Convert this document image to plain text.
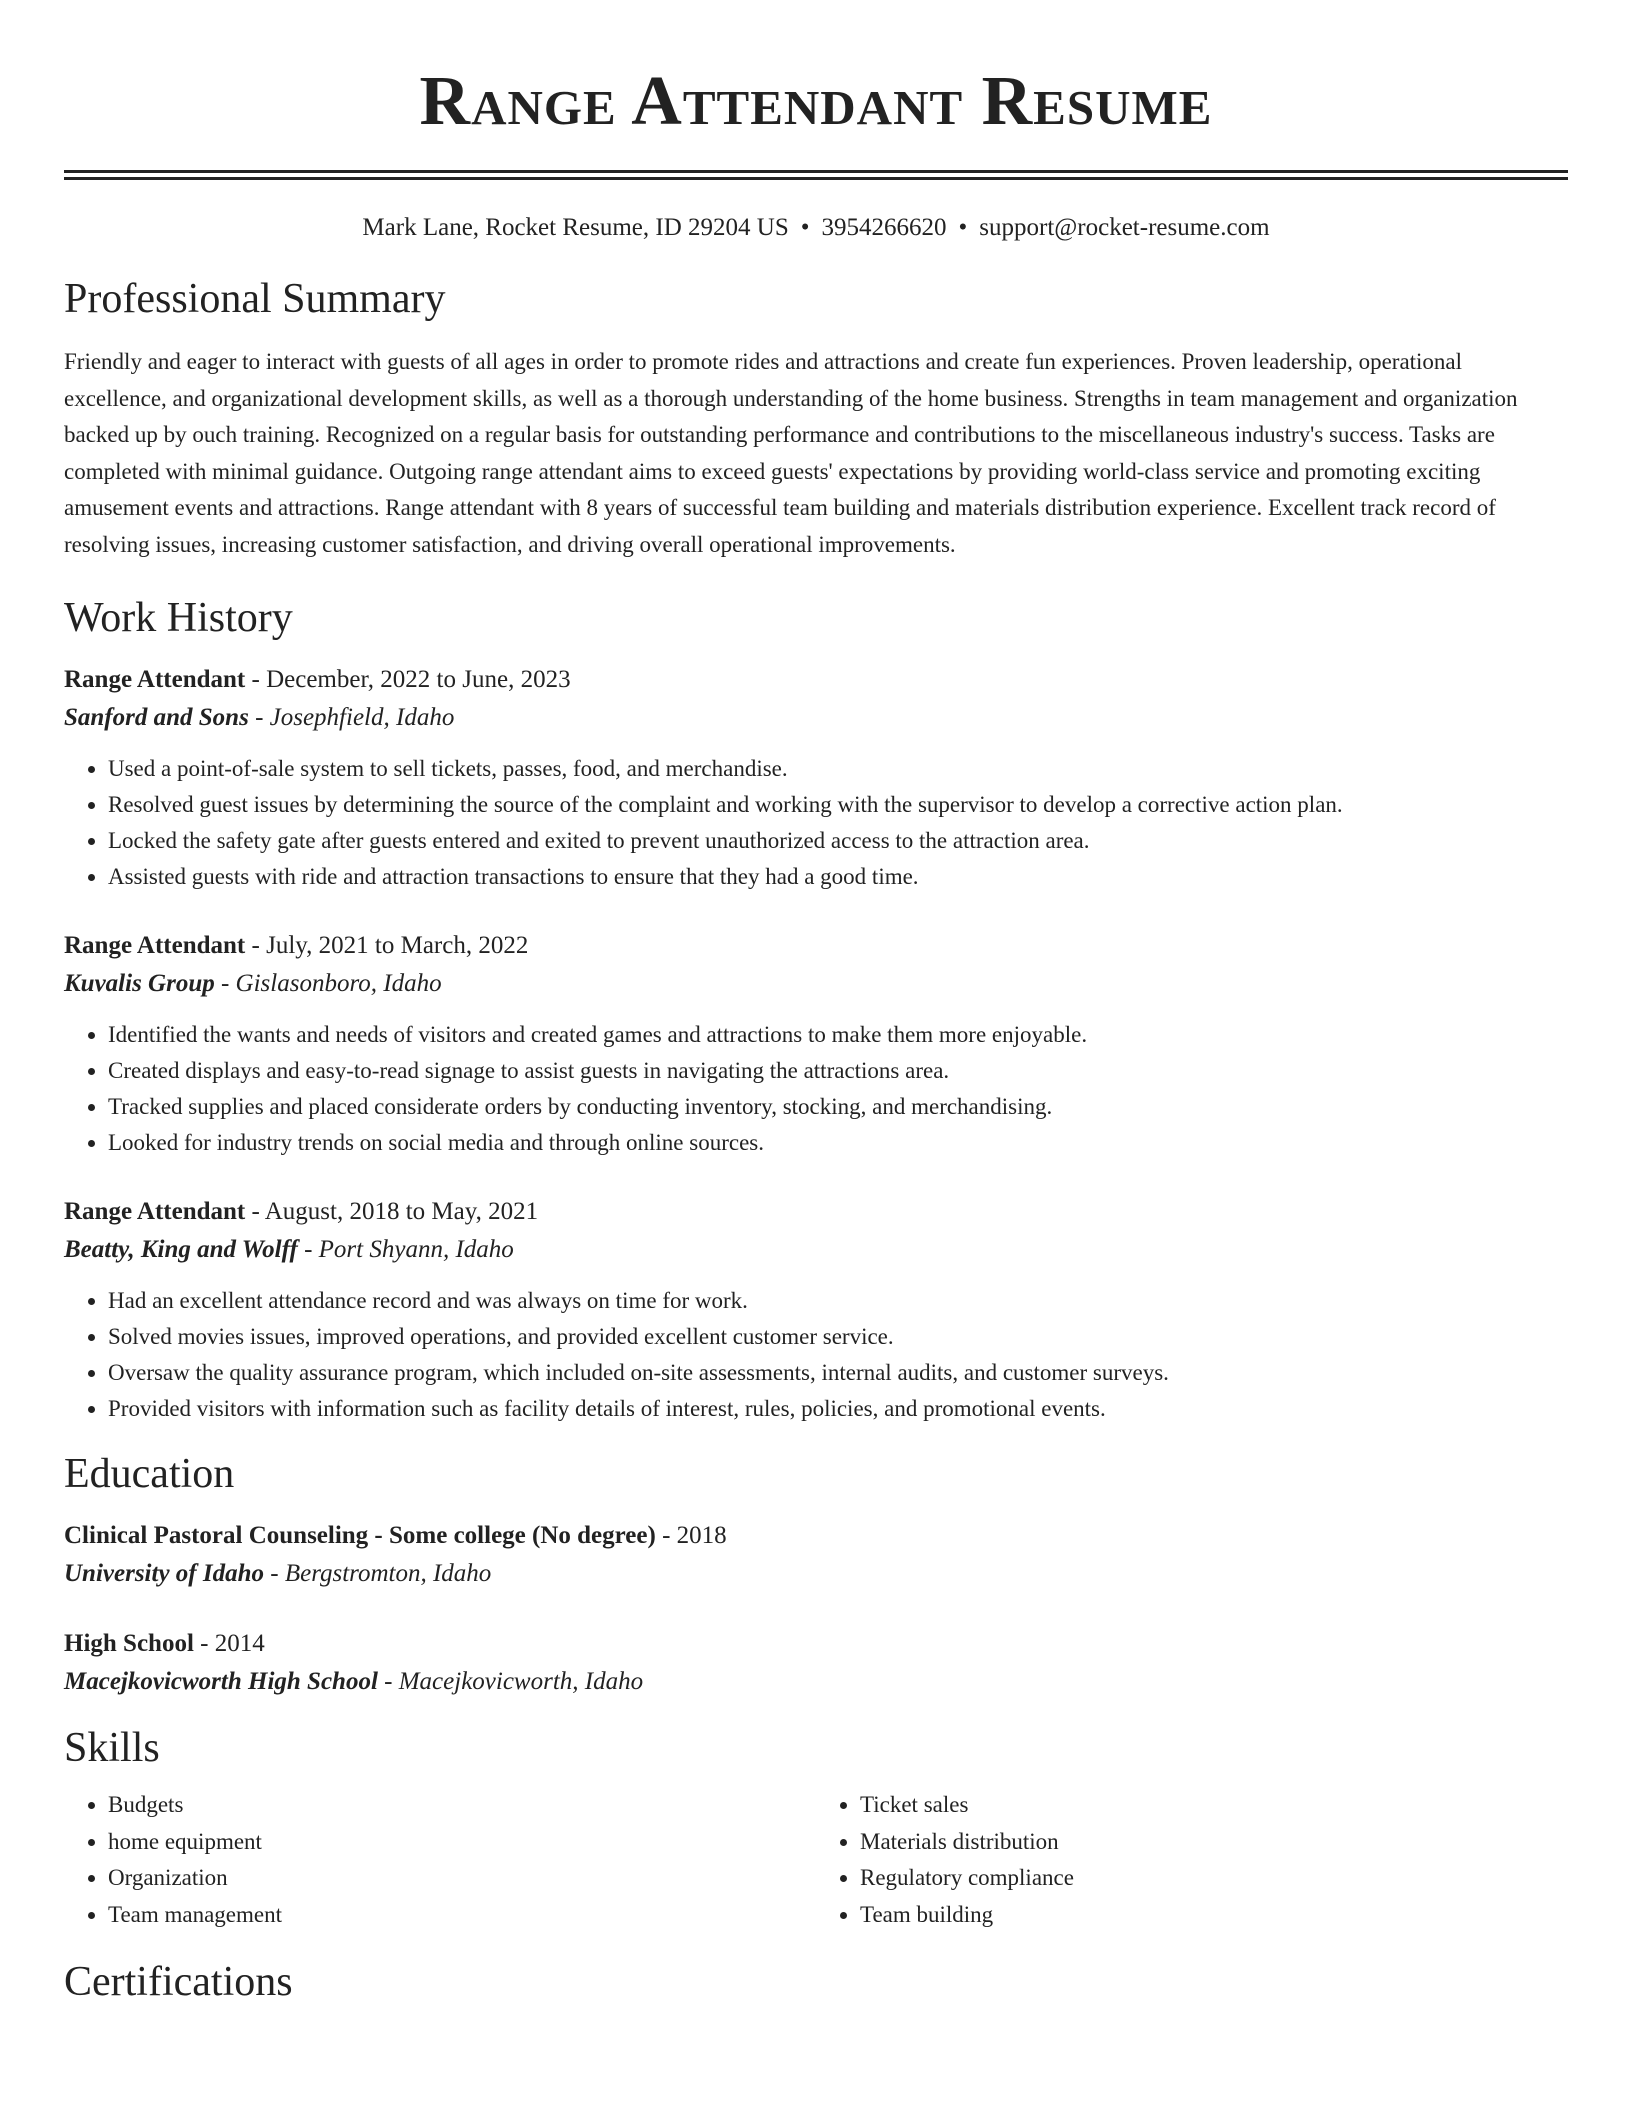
Range Attendant Resume
Mark Lane, Rocket Resume, ID 29204 US • 3954266620 • support@rocket-resume.com
Professional Summary
Friendly and eager to interact with guests of all ages in order to promote rides and attractions and create fun experiences. Proven leadership, operational excellence, and organizational development skills, as well as a thorough understanding of the home business. Strengths in team management and organization backed up by ouch training. Recognized on a regular basis for outstanding performance and contributions to the miscellaneous industry's success. Tasks are completed with minimal guidance. Outgoing range attendant aims to exceed guests' expectations by providing world-class service and promoting exciting amusement events and attractions. Range attendant with 8 years of successful team building and materials distribution experience. Excellent track record of resolving issues, increasing customer satisfaction, and driving overall operational improvements.
Work History
Range Attendant - December, 2022 to June, 2023
Sanford and Sons - Josephfield, Idaho
• Used a point-of-sale system to sell tickets, passes, food, and merchandise.
• Resolved guest issues by determining the source of the complaint and working with the supervisor to develop a corrective action plan.
• Locked the safety gate after guests entered and exited to prevent unauthorized access to the attraction area.
• Assisted guests with ride and attraction transactions to ensure that they had a good time.
Range Attendant - July, 2021 to March, 2022
Kuvalis Group - Gislasonboro, Idaho
• Identified the wants and needs of visitors and created games and attractions to make them more enjoyable.
• Created displays and easy-to-read signage to assist guests in navigating the attractions area.
• Tracked supplies and placed considerate orders by conducting inventory, stocking, and merchandising.
• Looked for industry trends on social media and through online sources.
Range Attendant - August, 2018 to May, 2021
Beatty, King and Wolff - Port Shyann, Idaho
• Had an excellent attendance record and was always on time for work.
• Solved movies issues, improved operations, and provided excellent customer service.
• Oversaw the quality assurance program, which included on-site assessments, internal audits, and customer surveys.
• Provided visitors with information such as facility details of interest, rules, policies, and promotional events.
Education
Clinical Pastoral Counseling - Some college (No degree) - 2018
University of Idaho - Bergstromton, Idaho
High School - 2014
Macejkovicworth High School - Macejkovicworth, Idaho
Skills
• Budgets
• home equipment
• Organization
• Team management
• Ticket sales
• Materials distribution
• Regulatory compliance
• Team building
Certifications
